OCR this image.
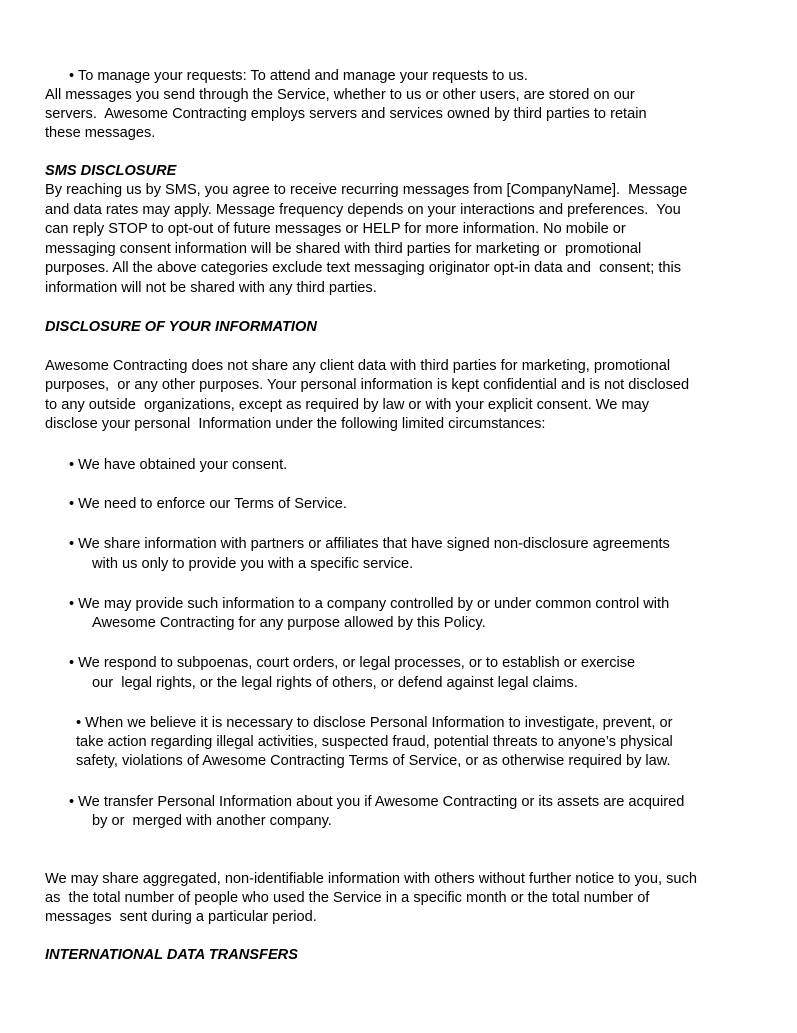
• To manage your requests: To attend and manage your requests to us.
All messages you send through the Service, whether to us or other users, are stored on our
servers.  Awesome Contracting employs servers and services owned by third parties to retain
these messages.
SMS DISCLOSURE
By reaching us by SMS, you agree to receive recurring messages from [CompanyName].  Message
and data rates may apply. Message frequency depends on your interactions and preferences.  You
can reply STOP to opt-out of future messages or HELP for more information. No mobile or
messaging consent information will be shared with third parties for marketing or  promotional
purposes. All the above categories exclude text messaging originator opt-in data and  consent; this
information will not be shared with any third parties.
DISCLOSURE OF YOUR INFORMATION
Awesome Contracting does not share any client data with third parties for marketing, promotional
purposes,  or any other purposes. Your personal information is kept confidential and is not disclosed
to any outside  organizations, except as required by law or with your explicit consent. We may
disclose your personal  Information under the following limited circumstances:
• We have obtained your consent.
• We need to enforce our Terms of Service.
• We share information with partners or affiliates that have signed non-disclosure agreements
with us only to provide you with a specific service.
• We may provide such information to a company controlled by or under common control with
Awesome Contracting for any purpose allowed by this Policy.
• We respond to subpoenas, court orders, or legal processes, or to establish or exercise
our  legal rights, or the legal rights of others, or defend against legal claims.
• When we believe it is necessary to disclose Personal Information to investigate, prevent, or
take action regarding illegal activities, suspected fraud, potential threats to anyone’s physical
safety, violations of Awesome Contracting Terms of Service, or as otherwise required by law.
• We transfer Personal Information about you if Awesome Contracting or its assets are acquired
by or  merged with another company.
We may share aggregated, non-identifiable information with others without further notice to you, such
as  the total number of people who used the Service in a specific month or the total number of
messages  sent during a particular period.
INTERNATIONAL DATA TRANSFERS
